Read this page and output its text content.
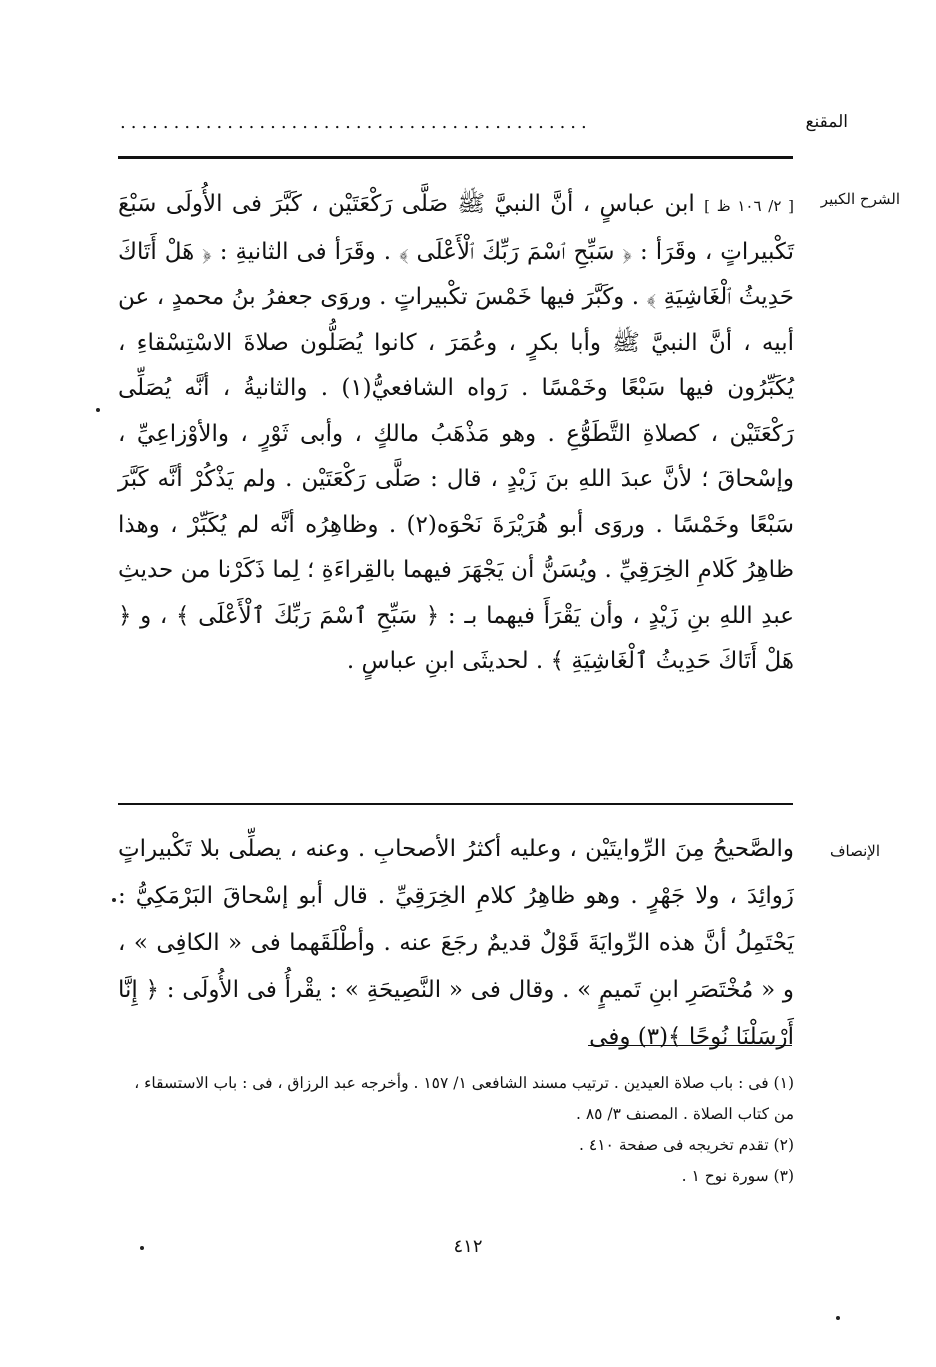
المقنع
............................................
الشرح الكبير

[ ٢/ ١٠٦ ظ ] ابن عباسٍ ، أنَّ النبيَّ ﷺ صَلَّى رَكْعَتَيْن ، كَبَّرَ فى الأُولَى سَبْعَ تَكْبيراتٍ ، وقَرَأ : ﴿ سَبِّحِ ٱسْمَ رَبِّكَ ٱلْأَعْلَى ﴾ . وقَرَأ فى الثانيةِ : ﴿ هَلْ أَتَاكَ حَدِيثُ ٱلْغَاشِيَةِ ﴾ . وكَبَّرَ فيها خَمْسَ تكْبيراتٍ . وروَى جعفرُ بنُ محمدٍ ، عن أبيه ، أنَّ النبيَّ ﷺ وأبا بكرٍ ، وعُمَرَ ، كانوا يُصَلُّون صلاةَ الاسْتِسْقاءِ ، يُكَبِّرُون فيها سَبْعًا وخَمْسًا . رَواه الشافعيُّ(١) . والثانيةُ ، أنَّه يُصَلِّى رَكْعَتَيْن ، كصلاةِ التَّطَوُّعِ . وهو مَذْهَبُ مالكٍ ، وأبى ثَوْرٍ ، والأوْزاعِيِّ ، وإسْحاقَ ؛ لأنَّ عبدَ اللهِ بنَ زَيْدٍ ، قال : صَلَّى رَكْعَتَيْن . ولم يَذْكُرْ أنَّه كَبَّرَ سَبْعًا وخَمْسًا . وروَى أبو هُرَيْرَةَ نَحْوَه(٢) . وظاهِرُه أنَّه لم يُكَبِّرْ ، وهذا ظاهِرُ كَلامِ الخِرَقِيِّ . ويُسَنُّ أن يَجْهَرَ فيهما بالقِراءَةِ ؛ لِما ذَكَرْنا من حديثِ عبدِ اللهِ بنِ زَيْدٍ ، وأن يَقْرَأَ فيهما بـ : ﴿ سَبِّحِ ٱسْمَ رَبِّكَ ٱلْأَعْلَى ﴾ ، و ﴿ هَلْ أَتَاكَ حَدِيثُ ٱلْغَاشِيَةِ ﴾ . لحديثَى ابنِ عباسٍ .

الإنصاف

والصَّحيحُ مِنَ الرِّوايتَيْن ، وعليه أكثرُ الأصحابِ . وعنه ، يصلِّى بلا تَكْبيراتٍ زَوائِدَ ، ولا جَهْرٍ . وهو ظاهِرُ كلامِ الخِرَقِيِّ . قال أبو إسْحاقَ البَرْمَكِيُّ : يَحْتَمِلُ أنَّ هذه الرِّوايَةَ قَوْلٌ قديمٌ رجَعَ عنه . وأطْلَقَهما فى « الكافِى » ، و « مُخْتَصَرِ ابنِ تَميمٍ » . وقال فى « النَّصِيحَةِ » : يقْرأُ فى الأُولَى : ﴿ إِنَّا أَرْسَلْنَا نُوحًا ﴾(٣) وفى

(١) فى : باب صلاة العيدين . ترتيب مسند الشافعى ١/ ١٥٧ . وأخرجه عبد الرزاق ، فى : باب الاستسقاء ، من كتاب الصلاة . المصنف ٣/ ٨٥ .

(٢) تقدم تخريجه فى صفحة ٤١٠ .

(٣) سورة نوح ١ .

٤١٢
